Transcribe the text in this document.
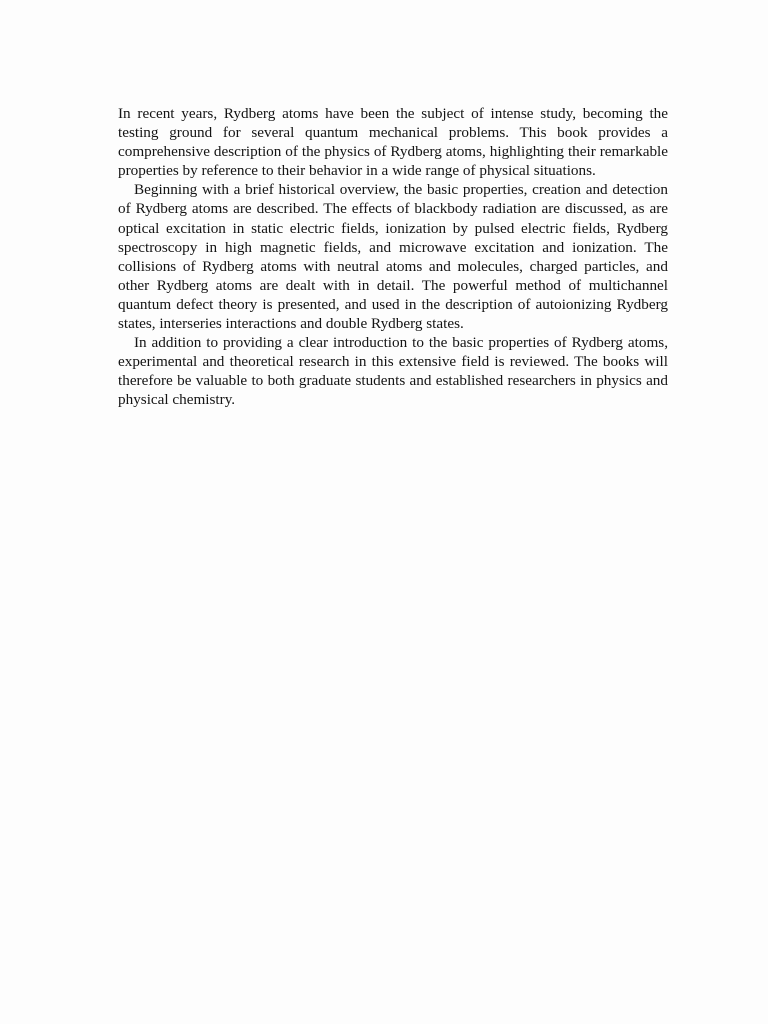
In recent years, Rydberg atoms have been the subject of intense study, becoming the testing ground for several quantum mechanical problems. This book provides a comprehensive description of the physics of Rydberg atoms, highlighting their remarkable properties by reference to their behavior in a wide range of physical situations.

Beginning with a brief historical overview, the basic properties, creation and detection of Rydberg atoms are described. The effects of blackbody radiation are discussed, as are optical excitation in static electric fields, ionization by pulsed electric fields, Rydberg spectroscopy in high magnetic fields, and microwave excitation and ionization. The collisions of Rydberg atoms with neutral atoms and molecules, charged particles, and other Rydberg atoms are dealt with in detail. The powerful method of multichannel quantum defect theory is presented, and used in the description of autoionizing Rydberg states, interseries interactions and double Rydberg states.

In addition to providing a clear introduction to the basic properties of Rydberg atoms, experimental and theoretical research in this extensive field is reviewed. The books will therefore be valuable to both graduate students and established researchers in physics and physical chemistry.
